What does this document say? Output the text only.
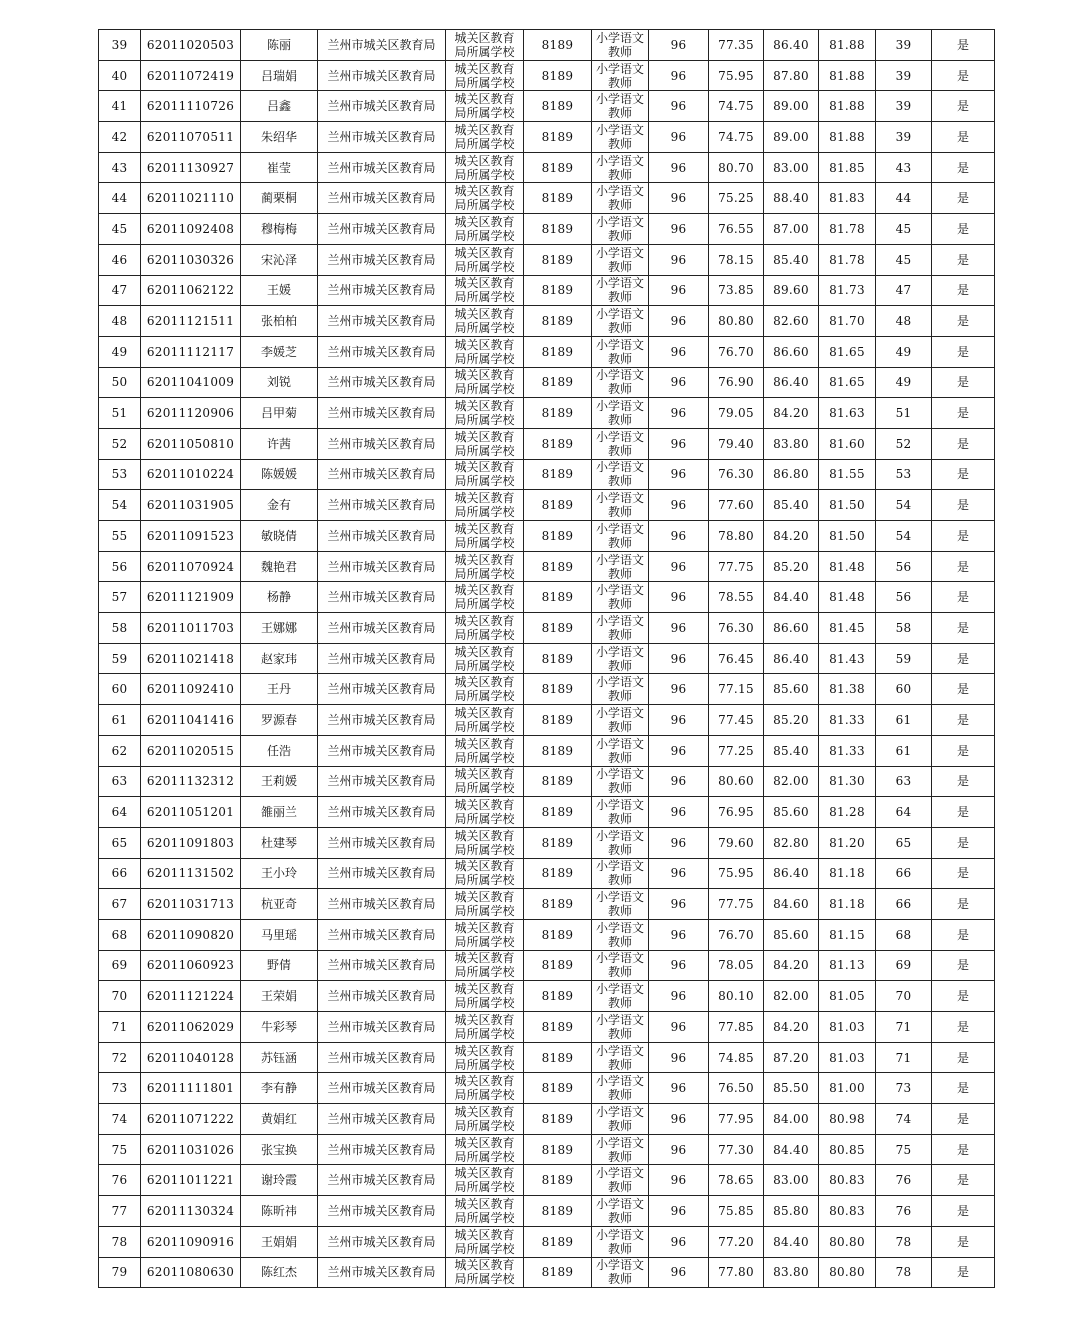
39	62011020503	陈丽	兰州市城关区教育局	城关区教育
局所属学校	8189	小学语文
教师	96	77.35	86.40	81.88	39	是
40	62011072419	吕瑞娟	兰州市城关区教育局	城关区教育
局所属学校	8189	小学语文
教师	96	75.95	87.80	81.88	39	是
41	62011110726	吕鑫	兰州市城关区教育局	城关区教育
局所属学校	8189	小学语文
教师	96	74.75	89.00	81.88	39	是
42	62011070511	朱绍华	兰州市城关区教育局	城关区教育
局所属学校	8189	小学语文
教师	96	74.75	89.00	81.88	39	是
43	62011130927	崔莹	兰州市城关区教育局	城关区教育
局所属学校	8189	小学语文
教师	96	80.70	83.00	81.85	43	是
44	62011021110	蔺栗桐	兰州市城关区教育局	城关区教育
局所属学校	8189	小学语文
教师	96	75.25	88.40	81.83	44	是
45	62011092408	穆梅梅	兰州市城关区教育局	城关区教育
局所属学校	8189	小学语文
教师	96	76.55	87.00	81.78	45	是
46	62011030326	宋沁泽	兰州市城关区教育局	城关区教育
局所属学校	8189	小学语文
教师	96	78.15	85.40	81.78	45	是
47	62011062122	王媛	兰州市城关区教育局	城关区教育
局所属学校	8189	小学语文
教师	96	73.85	89.60	81.73	47	是
48	62011121511	张柏柏	兰州市城关区教育局	城关区教育
局所属学校	8189	小学语文
教师	96	80.80	82.60	81.70	48	是
49	62011112117	李媛芝	兰州市城关区教育局	城关区教育
局所属学校	8189	小学语文
教师	96	76.70	86.60	81.65	49	是
50	62011041009	刘锐	兰州市城关区教育局	城关区教育
局所属学校	8189	小学语文
教师	96	76.90	86.40	81.65	49	是
51	62011120906	吕甲菊	兰州市城关区教育局	城关区教育
局所属学校	8189	小学语文
教师	96	79.05	84.20	81.63	51	是
52	62011050810	许茜	兰州市城关区教育局	城关区教育
局所属学校	8189	小学语文
教师	96	79.40	83.80	81.60	52	是
53	62011010224	陈媛媛	兰州市城关区教育局	城关区教育
局所属学校	8189	小学语文
教师	96	76.30	86.80	81.55	53	是
54	62011031905	金有	兰州市城关区教育局	城关区教育
局所属学校	8189	小学语文
教师	96	77.60	85.40	81.50	54	是
55	62011091523	敏晓倩	兰州市城关区教育局	城关区教育
局所属学校	8189	小学语文
教师	96	78.80	84.20	81.50	54	是
56	62011070924	魏艳君	兰州市城关区教育局	城关区教育
局所属学校	8189	小学语文
教师	96	77.75	85.20	81.48	56	是
57	62011121909	杨静	兰州市城关区教育局	城关区教育
局所属学校	8189	小学语文
教师	96	78.55	84.40	81.48	56	是
58	62011011703	王娜娜	兰州市城关区教育局	城关区教育
局所属学校	8189	小学语文
教师	96	76.30	86.60	81.45	58	是
59	62011021418	赵家玮	兰州市城关区教育局	城关区教育
局所属学校	8189	小学语文
教师	96	76.45	86.40	81.43	59	是
60	62011092410	王丹	兰州市城关区教育局	城关区教育
局所属学校	8189	小学语文
教师	96	77.15	85.60	81.38	60	是
61	62011041416	罗源春	兰州市城关区教育局	城关区教育
局所属学校	8189	小学语文
教师	96	77.45	85.20	81.33	61	是
62	62011020515	任浩	兰州市城关区教育局	城关区教育
局所属学校	8189	小学语文
教师	96	77.25	85.40	81.33	61	是
63	62011132312	王莉媛	兰州市城关区教育局	城关区教育
局所属学校	8189	小学语文
教师	96	80.60	82.00	81.30	63	是
64	62011051201	雒丽兰	兰州市城关区教育局	城关区教育
局所属学校	8189	小学语文
教师	96	76.95	85.60	81.28	64	是
65	62011091803	杜建琴	兰州市城关区教育局	城关区教育
局所属学校	8189	小学语文
教师	96	79.60	82.80	81.20	65	是
66	62011131502	王小玲	兰州市城关区教育局	城关区教育
局所属学校	8189	小学语文
教师	96	75.95	86.40	81.18	66	是
67	62011031713	杭亚奇	兰州市城关区教育局	城关区教育
局所属学校	8189	小学语文
教师	96	77.75	84.60	81.18	66	是
68	62011090820	马里瑶	兰州市城关区教育局	城关区教育
局所属学校	8189	小学语文
教师	96	76.70	85.60	81.15	68	是
69	62011060923	野倩	兰州市城关区教育局	城关区教育
局所属学校	8189	小学语文
教师	96	78.05	84.20	81.13	69	是
70	62011121224	王荣娟	兰州市城关区教育局	城关区教育
局所属学校	8189	小学语文
教师	96	80.10	82.00	81.05	70	是
71	62011062029	牛彩琴	兰州市城关区教育局	城关区教育
局所属学校	8189	小学语文
教师	96	77.85	84.20	81.03	71	是
72	62011040128	苏钰涵	兰州市城关区教育局	城关区教育
局所属学校	8189	小学语文
教师	96	74.85	87.20	81.03	71	是
73	62011111801	李有静	兰州市城关区教育局	城关区教育
局所属学校	8189	小学语文
教师	96	76.50	85.50	81.00	73	是
74	62011071222	黄娟红	兰州市城关区教育局	城关区教育
局所属学校	8189	小学语文
教师	96	77.95	84.00	80.98	74	是
75	62011031026	张宝换	兰州市城关区教育局	城关区教育
局所属学校	8189	小学语文
教师	96	77.30	84.40	80.85	75	是
76	62011011221	谢玲霞	兰州市城关区教育局	城关区教育
局所属学校	8189	小学语文
教师	96	78.65	83.00	80.83	76	是
77	62011130324	陈昕祎	兰州市城关区教育局	城关区教育
局所属学校	8189	小学语文
教师	96	75.85	85.80	80.83	76	是
78	62011090916	王娟娟	兰州市城关区教育局	城关区教育
局所属学校	8189	小学语文
教师	96	77.20	84.40	80.80	78	是
79	62011080630	陈红杰	兰州市城关区教育局	城关区教育
局所属学校	8189	小学语文
教师	96	77.80	83.80	80.80	78	是
